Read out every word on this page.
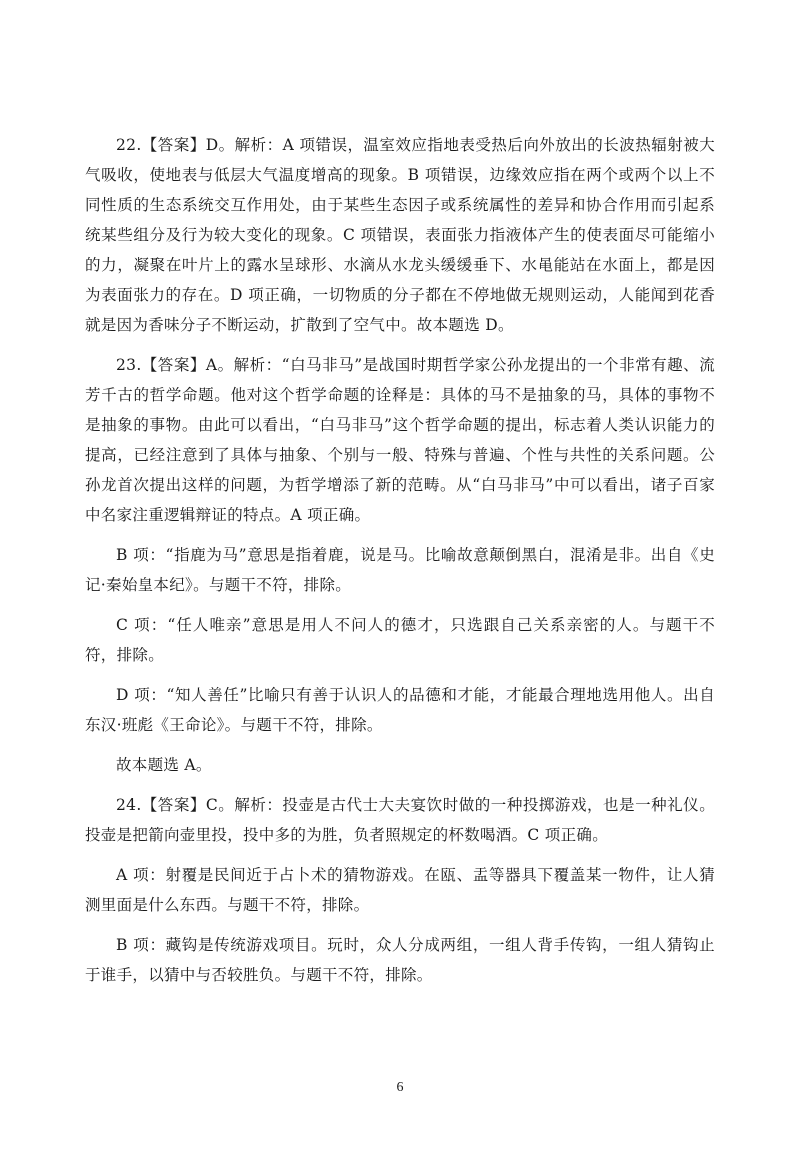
22.【答案】D。解析：A 项错误，温室效应指地表受热后向外放出的长波热辐射被大气吸收，使地表与低层大气温度增高的现象。B 项错误，边缘效应指在两个或两个以上不同性质的生态系统交互作用处，由于某些生态因子或系统属性的差异和协合作用而引起系统某些组分及行为较大变化的现象。C 项错误，表面张力指液体产生的使表面尽可能缩小的力，凝聚在叶片上的露水呈球形、水滴从水龙头缓缓垂下、水黾能站在水面上，都是因为表面张力的存在。D 项正确，一切物质的分子都在不停地做无规则运动，人能闻到花香就是因为香味分子不断运动，扩散到了空气中。故本题选 D。

23.【答案】A。解析：“白马非马”是战国时期哲学家公孙龙提出的一个非常有趣、流芳千古的哲学命题。他对这个哲学命题的诠释是：具体的马不是抽象的马，具体的事物不是抽象的事物。由此可以看出，“白马非马”这个哲学命题的提出，标志着人类认识能力的提高，已经注意到了具体与抽象、个别与一般、特殊与普遍、个性与共性的关系问题。公孙龙首次提出这样的问题，为哲学增添了新的范畴。从“白马非马”中可以看出，诸子百家中名家注重逻辑辩证的特点。A 项正确。

B 项：“指鹿为马”意思是指着鹿，说是马。比喻故意颠倒黑白，混淆是非。出自《史记·秦始皇本纪》。与题干不符，排除。

C 项：“任人唯亲”意思是用人不问人的德才，只选跟自己关系亲密的人。与题干不符，排除。

D 项：“知人善任”比喻只有善于认识人的品德和才能，才能最合理地选用他人。出自东汉·班彪《王命论》。与题干不符，排除。

故本题选 A。

24.【答案】C。解析：投壶是古代士大夫宴饮时做的一种投掷游戏，也是一种礼仪。投壶是把箭向壶里投，投中多的为胜，负者照规定的杯数喝酒。C 项正确。

A 项：射覆是民间近于占卜术的猜物游戏。在瓯、盂等器具下覆盖某一物件，让人猜测里面是什么东西。与题干不符，排除。

B 项：藏钩是传统游戏项目。玩时，众人分成两组，一组人背手传钩，一组人猜钩止于谁手，以猜中与否较胜负。与题干不符，排除。

6
